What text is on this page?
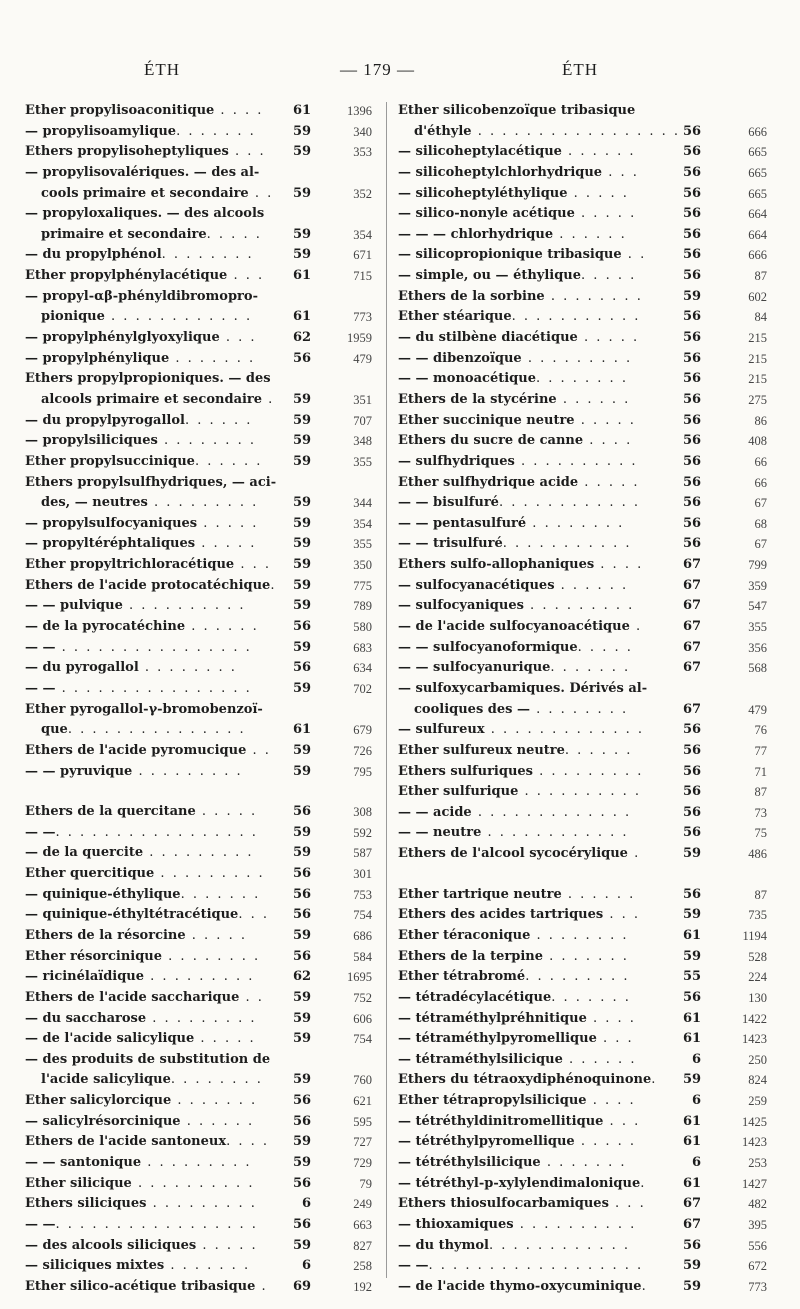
ÉTH	— 179 —	ÉTH
Ether propylisoaconitique . . . . 61	1396
— propylisoamylique. . . . . . .	59	340
Ethers propylisoheptyliques . . . 59	353
— propylisovalériques. — des al-
cools primaire et secondaire . . 59	352
— propyloxaliques. — des alcools
primaire et secondaire. . . . . 59	354
— du propylphénol. . . . . . . .	59	671
Ether propylphénylacétique . . . 61	715
— propyl-αβ-phényldibromopro-
pionique . . . . . . . . . . . .	61	773
— propylphénylglyoxylique . . .	62	1959
— propylphénylique . . . . . . .	56	479
Ethers propylpropioniques. — des
alcools primaire et secondaire . 59	351
— du propylpyrogallol. . . . . .	59	707
— propylsiliciques . . . . . . . .	59	348
Ether propylsuccinique. . . . . . 59	355
Ethers propylsulfhydriques, — aci-
des, — neutres . . . . . . . . .	59	344
— propylsulfocyaniques . . . . .	59	354
— propyltéréphtaliques . . . . .	59	355
Ether propyltrichloracétique . . . 59	350
Ethers de l'acide protocatéchique. 59	775
— — pulvique . . . . . . . . . .	59	789
— de la pyrocatéchine . . . . . .	56	580
— — . . . . . . . . . . . . . . . .	59	683
— du pyrogallol . . . . . . . .	56	634
— — . . . . . . . . . . . . . . . .	59	702
Ether pyrogallol-γ-bromobenzoï-
que. . . . . . . . . . . . . . .	61	679
Ethers de l'acide pyromucique . . 59	726
— — pyruvique . . . . . . . . .	59	795
Ethers de la quercitane . . . . .	56	308
— —. . . . . . . . . . . . . . . . .	59	592
— de la quercite . . . . . . . . .	59	587
Ether quercitique . . . . . . . . . 56	301
— quinique-éthylique. . . . . . .	56	753
— quinique-éthyltétracétique. . . 56	754
Ethers de la résorcine . . . . .	59	686
Ether résorcinique . . . . . . . .	56	584
— ricinélaïdique . . . . . . . . .	62	1695
Ethers de l'acide saccharique . . 59	752
— du saccharose . . . . . . . . .	59	606
— de l'acide salicylique . . . . .	59	754
— des produits de substitution de
l'acide salicylique. . . . . . . . 59	760
Ether salicylorcique . . . . . . .	56	621
— salicylrésorcinique . . . . . .	56	595
Ethers de l'acide santoneux. . . . 59	727
— — santonique . . . . . . . . .	59	729
Ether silicique . . . . . . . . . .	56	79
Ethers siliciques . . . . . . . . .	6	249
— —. . . . . . . . . . . . . . . . .	56	663
— des alcools siliciques . . . . .	59	827
— siliciques mixtes . . . . . . .	6	258
Ether silico-acétique tribasique . 69	192
Ether silicobenzoïque tribasique
d'éthyle . . . . . . . . . . . . . . . . . 56	666
— silicoheptylacétique . . . . . .	56	665
— silicoheptylchlorhydrique . . .	56	665
— silicoheptyléthylique . . . . .	56	665
— silico-nonyle acétique . . . . .	56	664
— — — chlorhydrique . . . . . .	56	664
— silicopropionique tribasique . .	56	666
— simple, ou — éthylique. . . . .	56	87
Ethers de la sorbine . . . . . . . .	59	602
Ether stéarique. . . . . . . . . . .	56	84
— du stilbène diacétique . . . . .	56	215
— — dibenzoïque . . . . . . . . .	56	215
— — monoacétique. . . . . . . .	56	215
Ethers de la stycérine . . . . . .	56	275
Ether succinique neutre . . . . .	56	86
Ethers du sucre de canne . . . .	56	408
— sulfhydriques . . . . . . . . . .	56	66
Ether sulfhydrique acide . . . . .	56	66
— — bisulfuré. . . . . . . . . . . .	56	67
— — pentasulfuré . . . . . . . .	56	68
— — trisulfuré. . . . . . . . . . .	56	67
Ethers sulfo-allophaniques . . . .	67	799
— sulfocyanacétiques . . . . . .	67	359
— sulfocyaniques . . . . . . . . .	67	547
— de l'acide sulfocyanoacétique .	67	355
— — sulfocyanoformique. . . . .	67	356
— — sulfocyanurique. . . . . . .	67	568
— sulfoxycarbamiques. Dérivés al-
cooliques des — . . . . . . . .	67	479
— sulfureux . . . . . . . . . . . . .	56	76
Ether sulfureux neutre. . . . . .	56	77
Ethers sulfuriques . . . . . . . . .	56	71
Ether sulfurique . . . . . . . . . .	56	87
— — acide . . . . . . . . . . . . .	56	73
— — neutre . . . . . . . . . . . .	56	75
Ethers de l'alcool sycocérylique .	59	486
Ether tartrique neutre . . . . . .	56	87
Ethers des acides tartriques . . .	59	735
Ether téraconique . . . . . . . .	61	1194
Ethers de la terpine . . . . . . .	59	528
Ether tétrabromé. . . . . . . . .	55	224
— tétradécylacétique. . . . . . .	56	130
— tétraméthylpréhnitique . . . .	61	1422
— tétraméthylpyromellique . . .	61	1423
— tétraméthylsilicique . . . . . .	6	250
Ethers du tétraoxydiphénoquinone. 59	824
Ether tétrapropylsilicique . . . .	6	259
— tétréthyldinitromellitique . . .	61	1425
— tétréthylpyromellique . . . . .	61	1423
— tétréthylsilicique . . . . . . .	6	253
— tétréthyl-p-xylylendimalonique.	61	1427
Ethers thiosulfocarbamiques . . .	67	482
— thioxamiques . . . . . . . . . .	67	395
— du thymol. . . . . . . . . . . .	56	556
— —. . . . . . . . . . . . . . . . . .	59	672
— de l'acide thymo-oxycuminique.	59	773
